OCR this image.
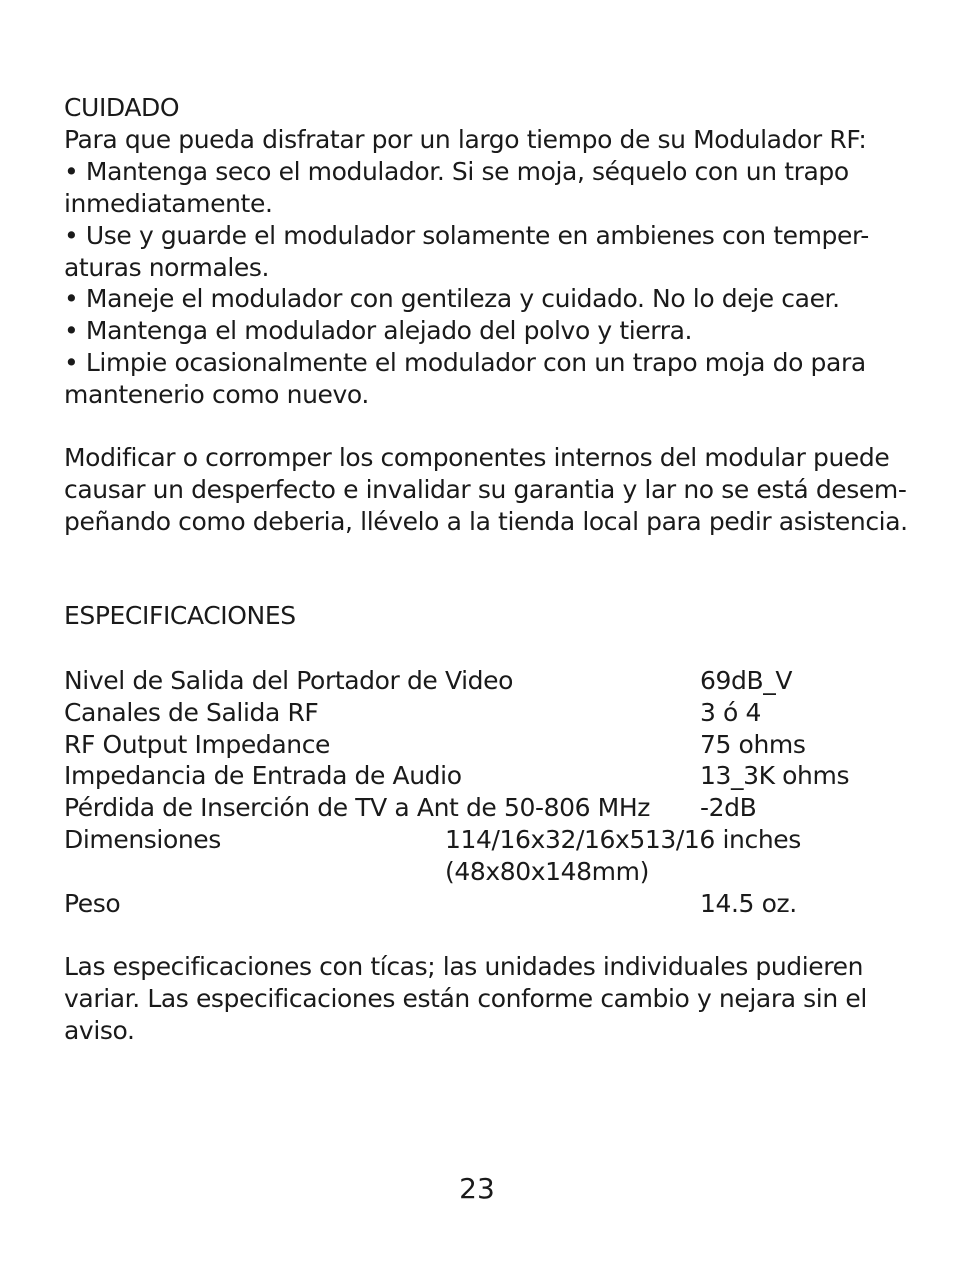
CUIDADO
Para que pueda disfratar por un largo tiempo de su Modulador RF:
• Mantenga seco el modulador. Si se moja, séquelo con un trapo
inmediatamente.
• Use y guarde el modulador solamente en ambienes con temper-
aturas normales.
• Maneje el modulador con gentileza y cuidado. No lo deje caer.
• Mantenga el modulador alejado del polvo y tierra.
• Limpie ocasionalmente el modulador con un trapo moja do para
mantenerio como nuevo.
Modificar o corromper los componentes internos del modular puede
causar un desperfecto e invalidar su garantia y lar no se está desem-
peñando como deberia, llévelo a la tienda local para pedir asistencia.
ESPECIFICACIONES
Nivel de Salida del Portador de Video	69dB_V
Canales de Salida RF	3 ó 4
RF Output Impedance	75 ohms
Impedancia de Entrada de Audio	13_3K ohms
Pérdida de Inserción de TV a Ant de 50-806 MHz -2dB
Dimensiones	114/16x32/16x513/16 inches
(48x80x148mm)
Peso	14.5 oz.
Las especificaciones con tícas; las unidades individuales pudieren
variar. Las especificaciones están conforme cambio y nejara sin el
aviso.
23
